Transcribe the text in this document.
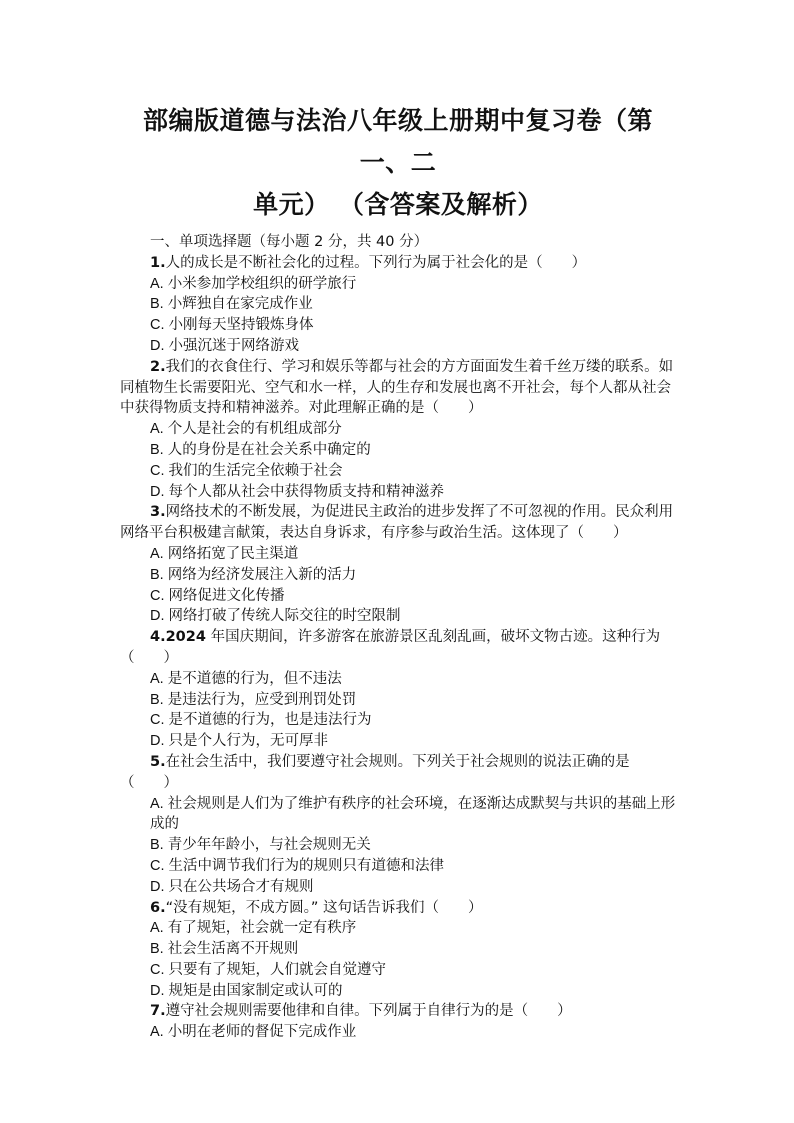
部编版道德与法治八年级上册期中复习卷（第一、二
单元） （含答案及解析）
一、单项选择题（每小题 2 分，共 40 分）
1.人的成长是不断社会化的过程。下列行为属于社会化的是（　　）
A. 小米参加学校组织的研学旅行
B. 小辉独自在家完成作业
C. 小刚每天坚持锻炼身体
D. 小强沉迷于网络游戏
2.我们的衣食住行、学习和娱乐等都与社会的方方面面发生着千丝万缕的联系。如同植物生长需要阳光、空气和水一样，人的生存和发展也离不开社会，每个人都从社会中获得物质支持和精神滋养。对此理解正确的是（　　）
A. 个人是社会的有机组成部分
B. 人的身份是在社会关系中确定的
C. 我们的生活完全依赖于社会
D. 每个人都从社会中获得物质支持和精神滋养
3.网络技术的不断发展，为促进民主政治的进步发挥了不可忽视的作用。民众利用网络平台积极建言献策，表达自身诉求，有序参与政治生活。这体现了（　　）
A. 网络拓宽了民主渠道
B. 网络为经济发展注入新的活力
C. 网络促进文化传播
D. 网络打破了传统人际交往的时空限制
4.2024 年国庆期间，许多游客在旅游景区乱刻乱画，破坏文物古迹。这种行为（　　）
A. 是不道德的行为，但不违法
B. 是违法行为，应受到刑罚处罚
C. 是不道德的行为，也是违法行为
D. 只是个人行为，无可厚非
5.在社会生活中，我们要遵守社会规则。下列关于社会规则的说法正确的是（　　）
A. 社会规则是人们为了维护有秩序的社会环境，在逐渐达成默契与共识的基础上形成的
B. 青少年年龄小，与社会规则无关
C. 生活中调节我们行为的规则只有道德和法律
D. 只在公共场合才有规则
6.“没有规矩，不成方圆。” 这句话告诉我们（　　）
A. 有了规矩，社会就一定有秩序
B. 社会生活离不开规则
C. 只要有了规矩，人们就会自觉遵守
D. 规矩是由国家制定或认可的
7.遵守社会规则需要他律和自律。下列属于自律行为的是（　　）
A. 小明在老师的督促下完成作业
